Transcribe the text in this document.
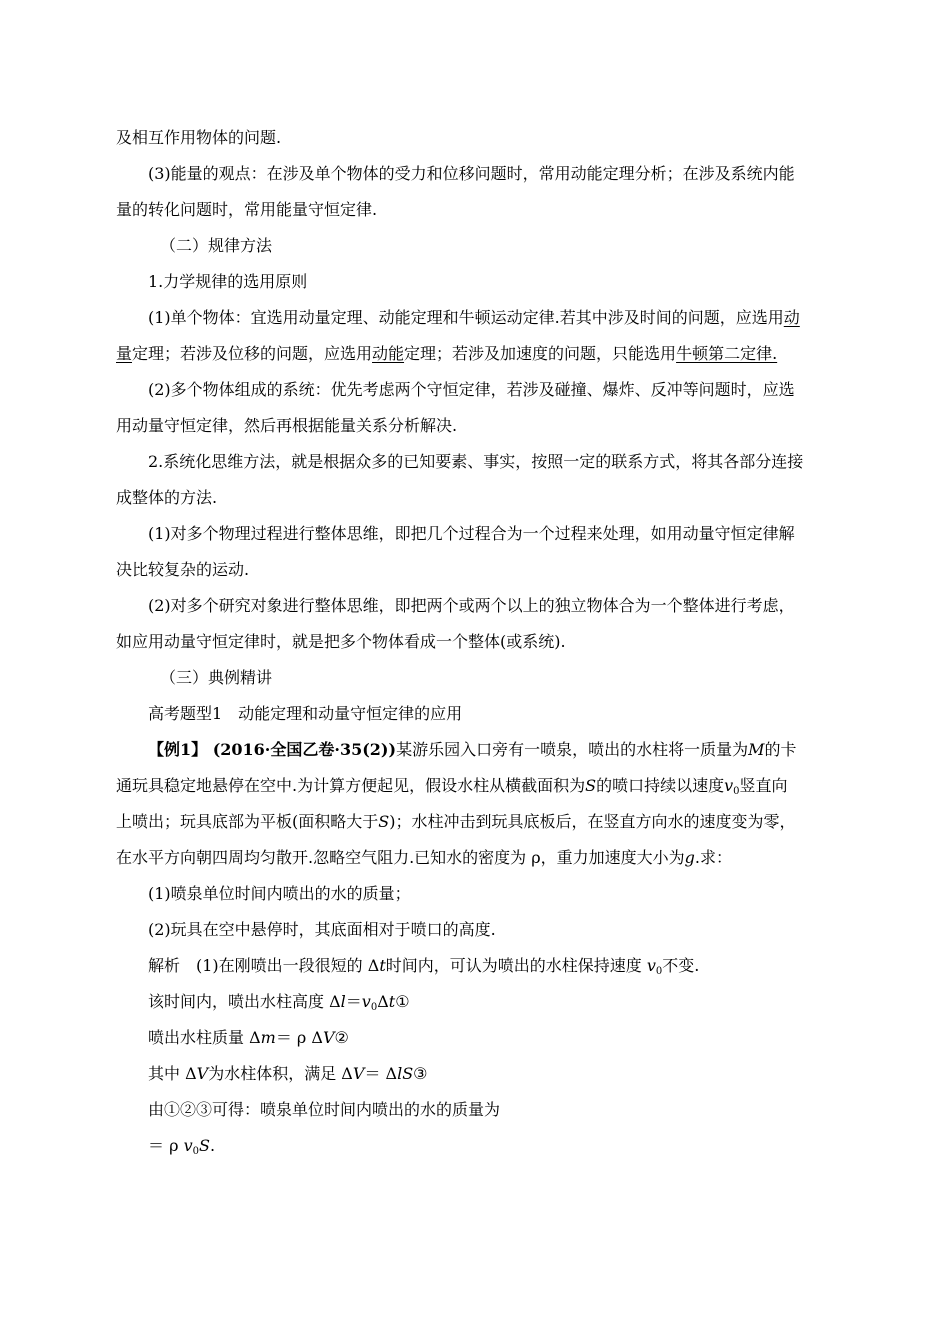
及相互作用物体的问题.
(3)能量的观点：在涉及单个物体的受力和位移问题时，常用动能定理分析；在涉及系统内能
量的转化问题时，常用能量守恒定律.
（二）规律方法
1.力学规律的选用原则
(1)单个物体：宜选用动量定理、动能定理和牛顿运动定律.若其中涉及时间的问题，应选用动
量定理；若涉及位移的问题，应选用动能定理；若涉及加速度的问题，只能选用牛顿第二定律.
(2)多个物体组成的系统：优先考虑两个守恒定律，若涉及碰撞、爆炸、反冲等问题时，应选
用动量守恒定律，然后再根据能量关系分析解决.
2.系统化思维方法，就是根据众多的已知要素、事实，按照一定的联系方式，将其各部分连接
成整体的方法.
(1)对多个物理过程进行整体思维，即把几个过程合为一个过程来处理，如用动量守恒定律解
决比较复杂的运动.
(2)对多个研究对象进行整体思维，即把两个或两个以上的独立物体合为一个整体进行考虑，
如应用动量守恒定律时，就是把多个物体看成一个整体(或系统).
（三）典例精讲
高考题型1　动能定理和动量守恒定律的应用
【例1】 (2016·全国乙卷·35(2))某游乐园入口旁有一喷泉，喷出的水柱将一质量为M的卡
通玩具稳定地悬停在空中.为计算方便起见，假设水柱从横截面积为S的喷口持续以速度$v_0$竖直向
上喷出；玩具底部为平板(面积略大于S)；水柱冲击到玩具底板后，在竖直方向水的速度变为零，
在水平方向朝四周均匀散开.忽略空气阻力.已知水的密度为 ρ，重力加速度大小为g.求：
(1)喷泉单位时间内喷出的水的质量；
(2)玩具在空中悬停时，其底面相对于喷口的高度.
解析　(1)在刚喷出一段很短的 Δt时间内，可认为喷出的水柱保持速度 $v_0$不变.
该时间内，喷出水柱高度 $\Delta l=v_0\Delta t①$
喷出水柱质量 Δm＝ ρ ΔV②
其中 ΔV为水柱体积，满足 ΔV＝ ΔlS③
由①②③可得：喷泉单位时间内喷出的水的质量为
＝ ρ $v_0S$.
